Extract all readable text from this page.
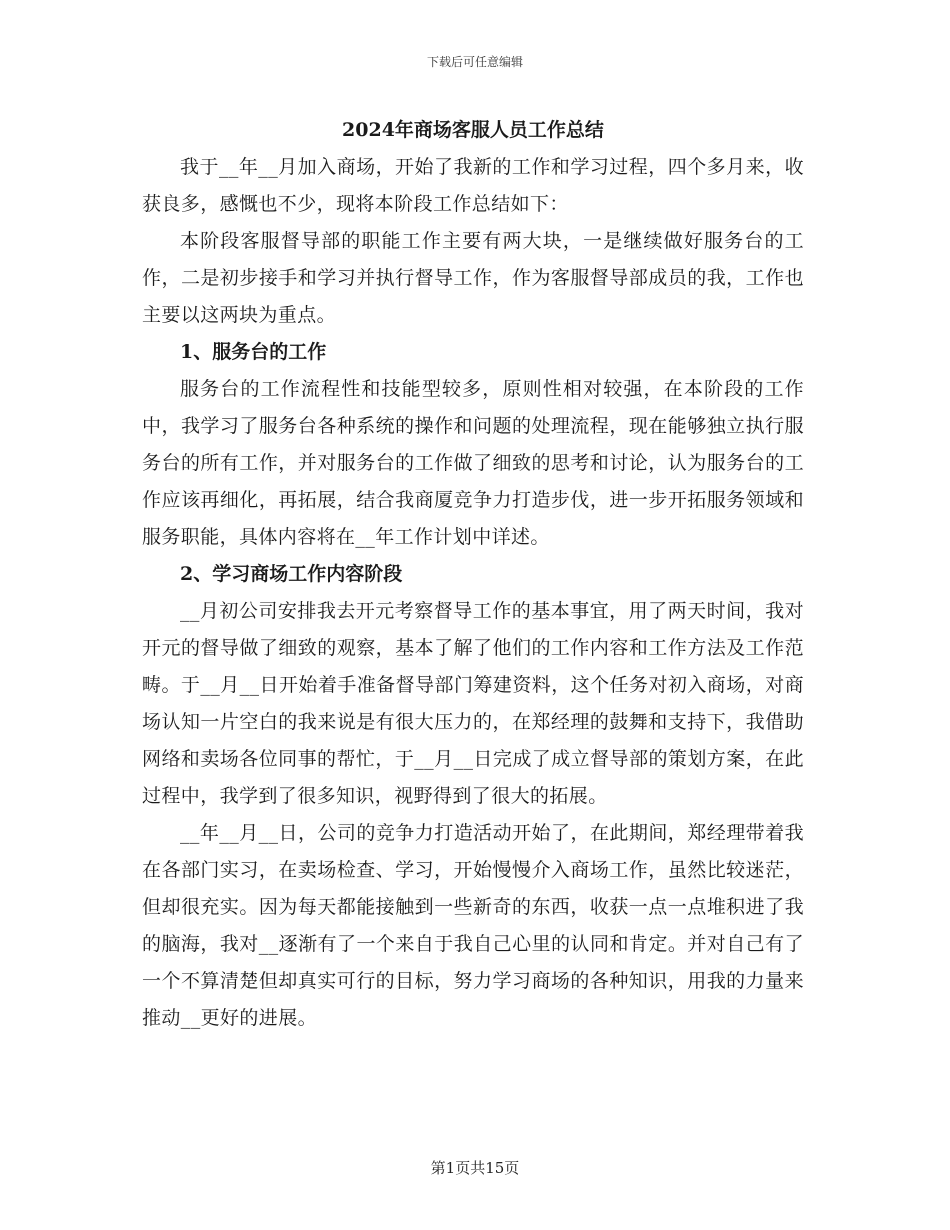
下载后可任意编辑
2024年商场客服人员工作总结

我于__年__月加入商场，开始了我新的工作和学习过程，四个多月来，收获良多，感慨也不少，现将本阶段工作总结如下：

本阶段客服督导部的职能工作主要有两大块，一是继续做好服务台的工作，二是初步接手和学习并执行督导工作，作为客服督导部成员的我，工作也主要以这两块为重点。

1、服务台的工作

服务台的工作流程性和技能型较多，原则性相对较强，在本阶段的工作中，我学习了服务台各种系统的操作和问题的处理流程，现在能够独立执行服务台的所有工作，并对服务台的工作做了细致的思考和讨论，认为服务台的工作应该再细化，再拓展，结合我商厦竞争力打造步伐，进一步开拓服务领域和服务职能，具体内容将在__年工作计划中详述。

2、学习商场工作内容阶段

__月初公司安排我去开元考察督导工作的基本事宜，用了两天时间，我对开元的督导做了细致的观察，基本了解了他们的工作内容和工作方法及工作范畴。于__月__日开始着手准备督导部门筹建资料，这个任务对初入商场，对商场认知一片空白的我来说是有很大压力的，在郑经理的鼓舞和支持下，我借助网络和卖场各位同事的帮忙，于__月__日完成了成立督导部的策划方案，在此过程中，我学到了很多知识，视野得到了很大的拓展。

__年__月__日，公司的竞争力打造活动开始了，在此期间，郑经理带着我在各部门实习，在卖场检查、学习，开始慢慢介入商场工作，虽然比较迷茫，但却很充实。因为每天都能接触到一些新奇的东西，收获一点一点堆积进了我的脑海，我对__逐渐有了一个来自于我自己心里的认同和肯定。并对自己有了一个不算清楚但却真实可行的目标，努力学习商场的各种知识，用我的力量来推动__更好的进展。

第1页共15页
